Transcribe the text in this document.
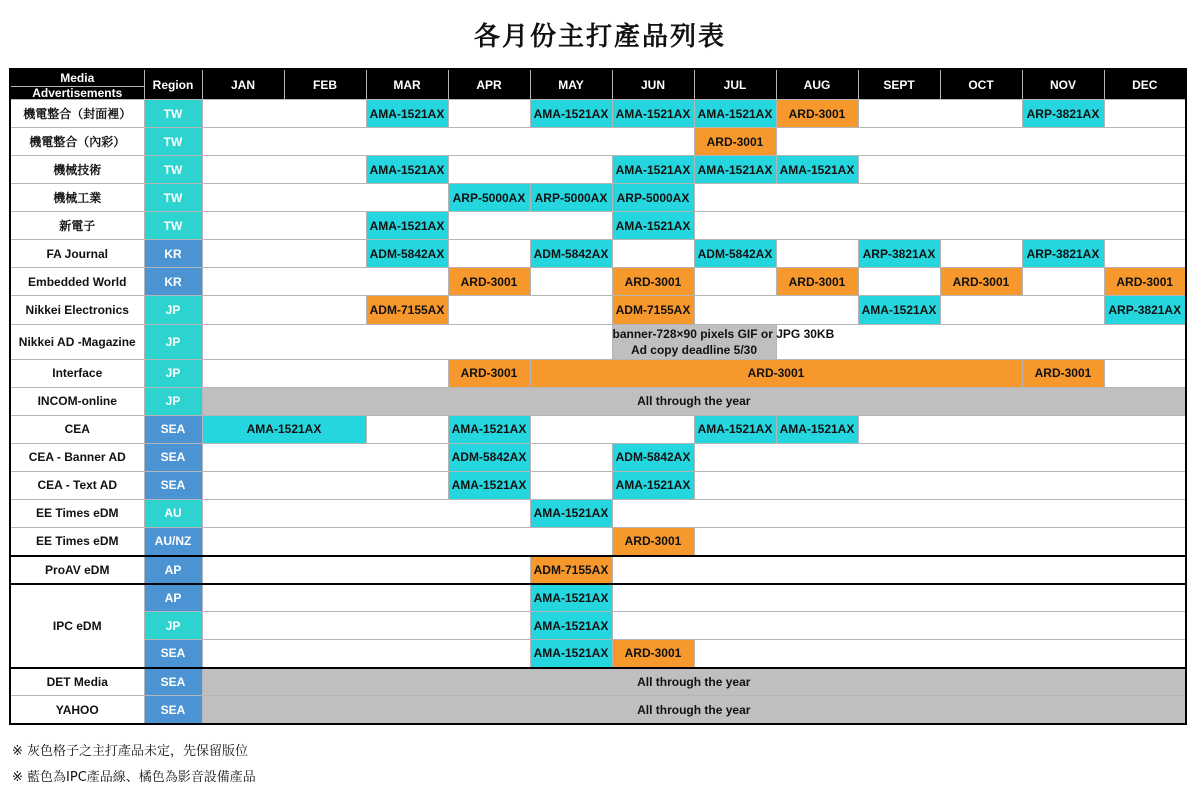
各月份主打產品列表
Media	Region	JAN	FEB	MAR	APR	MAY	JUN	JUL	AUG	SEPT	OCT	NOV	DEC
Advertisements													
機電整合（封面裡）	TW			AMA-1521AX		AMA-1521AX	AMA-1521AX	AMA-1521AX	ARD-3001			ARP-3821AX	
機電整合（內彩）	TW							ARD-3001					
機械技術	TW			AMA-1521AX			AMA-1521AX	AMA-1521AX	AMA-1521AX				
機械工業	TW				ARP-5000AX	ARP-5000AX	ARP-5000AX						
新電子	TW			AMA-1521AX			AMA-1521AX						
FA Journal	KR			ADM-5842AX		ADM-5842AX		ADM-5842AX		ARP-3821AX		ARP-3821AX	
Embedded World	KR				ARD-3001		ARD-3001		ARD-3001		ARD-3001		ARD-3001
Nikkei Electronics	JP			ADM-7155AX			ADM-7155AX			AMA-1521AX			ARP-3821AX
Nikkei AD -Magazine	JP						banner-728×90 pixels GIF or JPG 30KB
Ad copy deadline 5/30						
Interface	JP				ARD-3001	ARD-3001						ARD-3001	
INCOM-online	JP	All through the year											
CEA	SEA	AMA-1521AX			AMA-1521AX			AMA-1521AX	AMA-1521AX				
CEA - Banner AD	SEA				ADM-5842AX		ADM-5842AX						
CEA - Text AD	SEA				AMA-1521AX		AMA-1521AX						
EE Times eDM	AU					AMA-1521AX							
EE Times eDM	AU/NZ						ARD-3001						
ProAV eDM	AP					ADM-7155AX							
IPC eDM	AP					AMA-1521AX							
	JP					AMA-1521AX							
	SEA					AMA-1521AX	ARD-3001						
DET Media	SEA	All through the year											
YAHOO	SEA	All through the year											
※ 灰色格子之主打產品未定，先保留版位
※ 藍色為IPC產品線、橘色為影音設備產品
